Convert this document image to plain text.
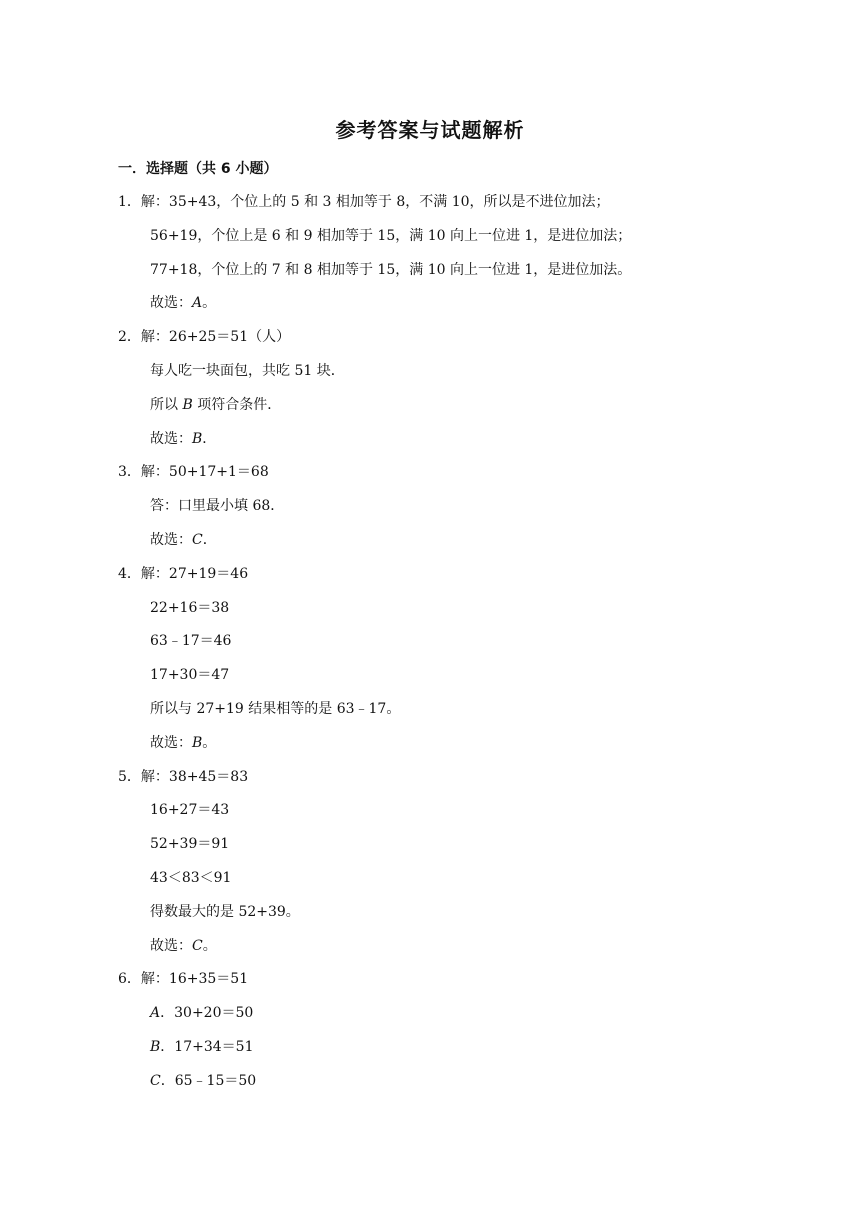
参考答案与试题解析
一．选择题（共 6 小题）
1．解：35+43，个位上的 5 和 3 相加等于 8，不满 10，所以是不进位加法；
56+19，个位上是 6 和 9 相加等于 15，满 10 向上一位进 1，是进位加法；
77+18，个位上的 7 和 8 相加等于 15，满 10 向上一位进 1，是进位加法。
故选：A。
2．解：26+25＝51（人）
每人吃一块面包，共吃 51 块．
所以 B 项符合条件．
故选：B．
3．解：50+17+1＝68
答：口里最小填 68．
故选：C．
4．解：27+19＝46
22+16＝38
63﹣17＝46
17+30＝47
所以与 27+19 结果相等的是 63﹣17。
故选：B。
5．解：38+45＝83
16+27＝43
52+39＝91
43＜83＜91
得数最大的是 52+39。
故选：C。
6．解：16+35＝51
A．30+20＝50
B．17+34＝51
C．65﹣15＝50
